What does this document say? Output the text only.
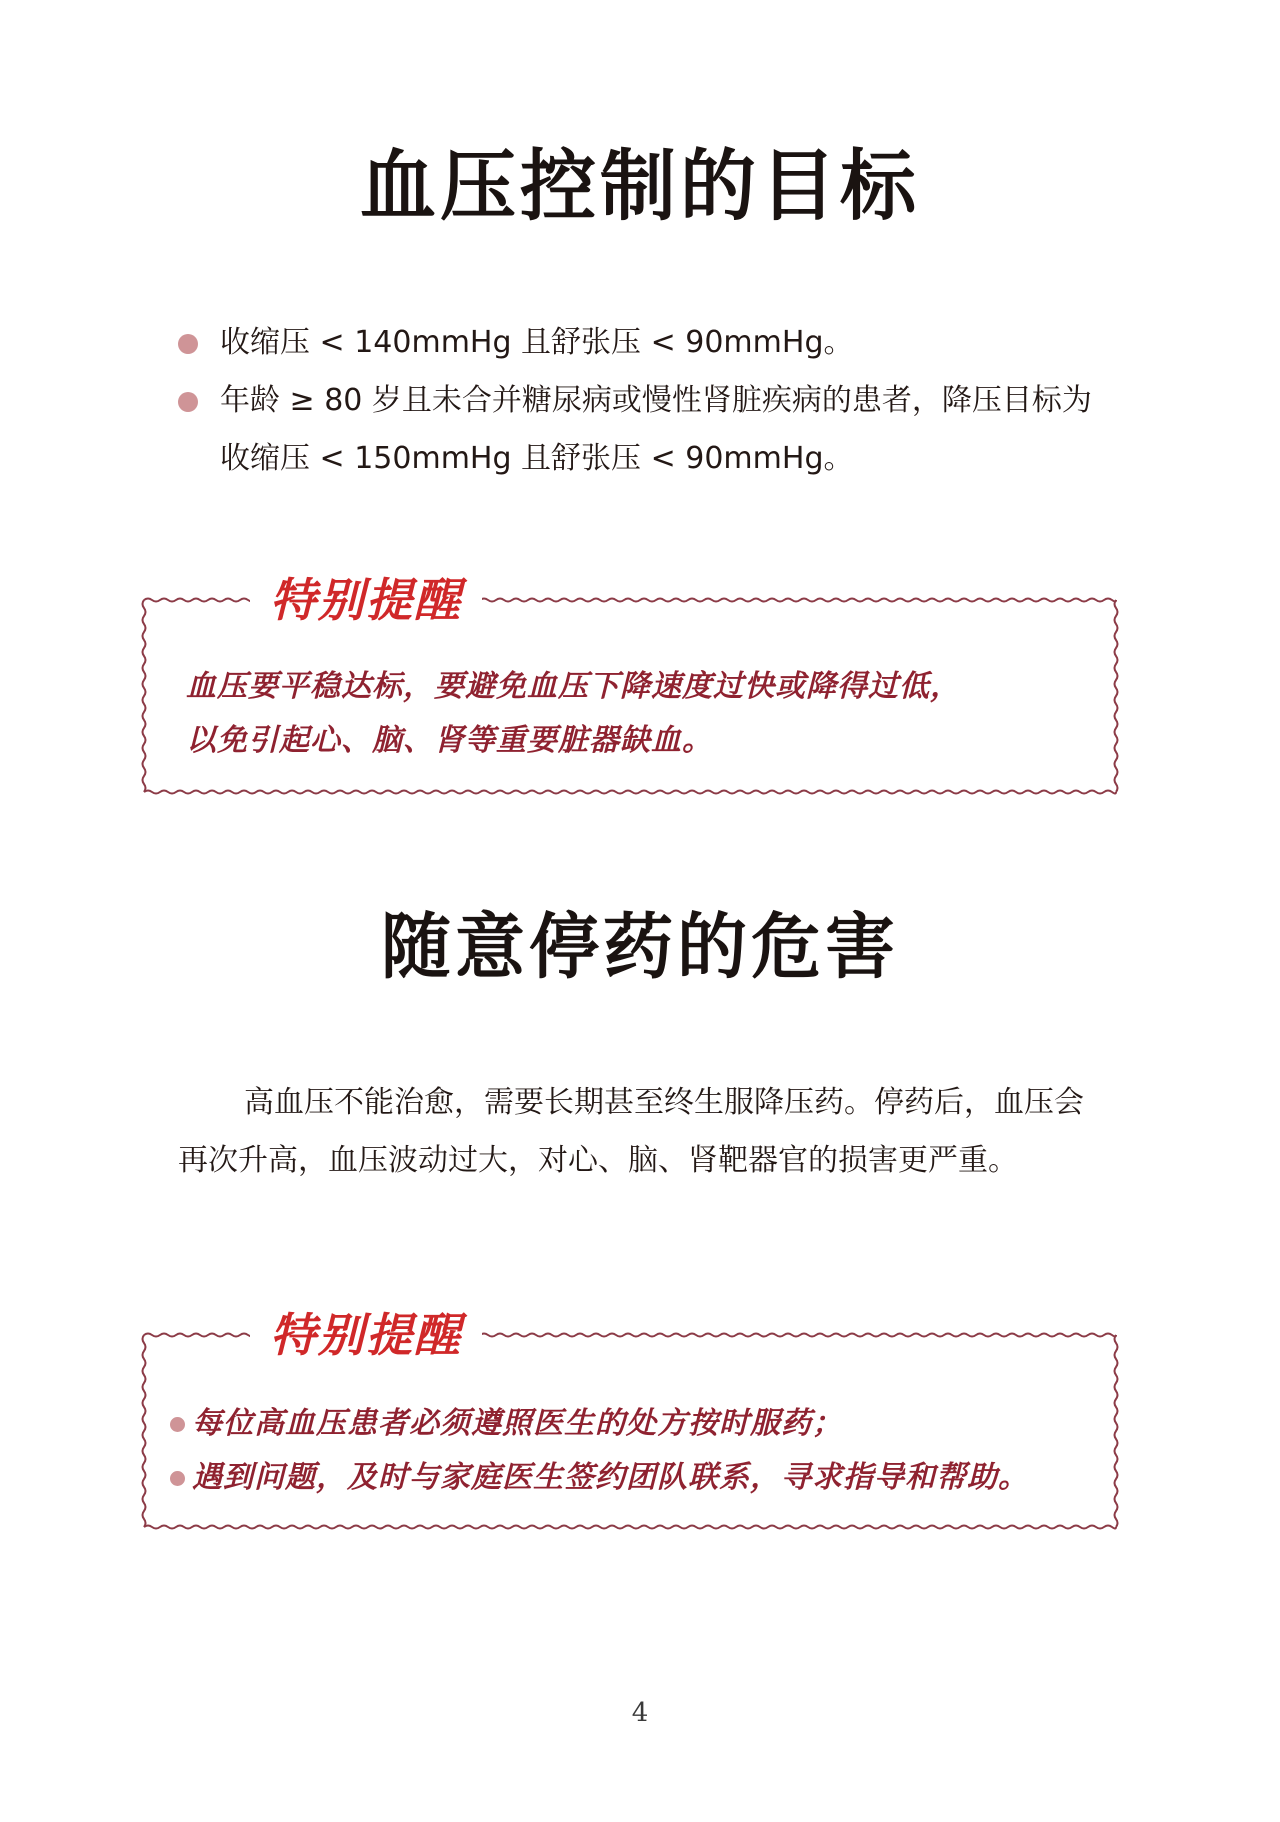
血压控制的目标
收缩压 < 140mmHg 且舒张压 < 90mmHg。
年龄 ≥ 80 岁且未合并糖尿病或慢性肾脏疾病的患者，降压目标为收缩压 < 150mmHg 且舒张压 < 90mmHg。
特别提醒
血压要平稳达标，要避免血压下降速度过快或降得过低，
以免引起心、脑、肾等重要脏器缺血。
随意停药的危害
高血压不能治愈，需要长期甚至终生服降压药。停药后，血压会再次升高，血压波动过大，对心、脑、肾靶器官的损害更严重。
特别提醒
每位高血压患者必须遵照医生的处方按时服药；
遇到问题，及时与家庭医生签约团队联系，寻求指导和帮助。
4
